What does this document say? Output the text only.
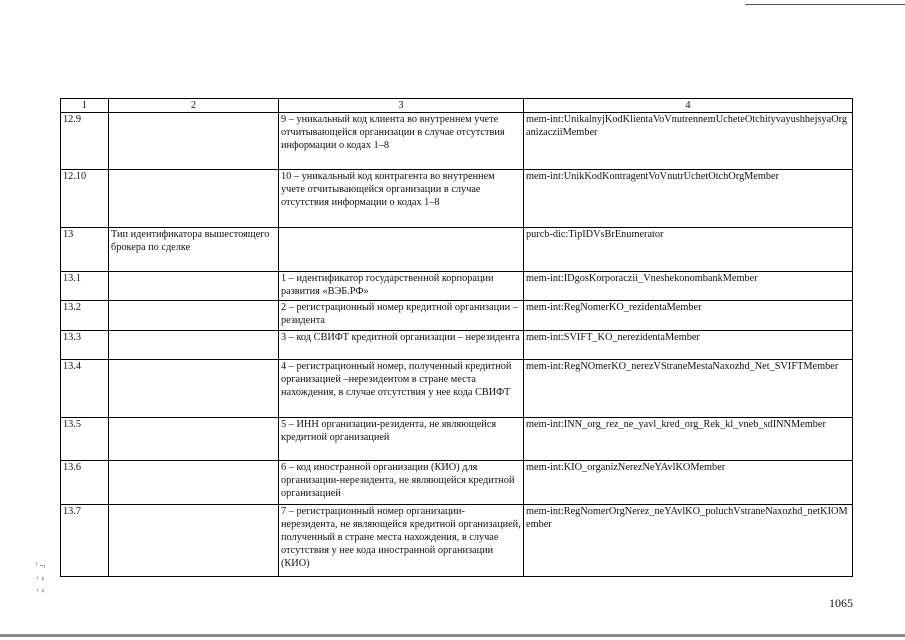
1	2	3	4
12.9		9 – уникальный код клиента во внутреннем учете отчитывающейся организации в случае отсутствия информации о кодах 1–8	mem-int:UnikalnyjKodKlientaVoVnutrennemUcheteOtchityvayushhejsyaOrganizacziiMember
12.10		10 – уникальный код контрагента во внутреннем учете отчитывающейся организации в случае отсутствия информации о кодах 1–8	mem-int:UnikKodKontragentVoVnutrUchetOtchOrgMember
13	Тип идентификатора вышестоящего брокера по сделке		purcb-dic:TipIDVsBrEnumerator
13.1		1 – идентификатор государственной корпорации развития «ВЭБ.РФ»	mem-int:IDgosKorporaczii_VneshekonombankMember
13.2		2 – регистрационный номер кредитной организации – резидента	mem-int:RegNomerKO_rezidentaMember
13.3		3 – код СВИФТ кредитной организации – нерезидента	mem-int:SVIFT_KO_nerezidentaMember
13.4		4 – регистрационный номер, полученный кредитной организацией –нерезидентом в стране места нахождения, в случае отсутствия у нее кода СВИФТ	mem-int:RegNOmerKO_nerezVStraneMestaNaxozhd_Net_SVIFTMember
13.5		5 – ИНН организации-резидента, не являющейся кредитной организацией	mem-int:INN_org_rez_ne_yavl_kred_org_Rek_kl_vneb_sdINNMember
13.6		6 – код иностранной организации (КИО) для организации-нерезидента, не являющейся кредитной организацией	mem-int:KIO_organizNerezNeYAvlKOMember
13.7		7 – регистрационный номер организации-нерезидента, не являющейся кредитной организацией, полученный в стране места нахождения, в случае отсутствия у нее кода иностранной организации (КИО)	mem-int:RegNomerOrgNerez_neYAvlKO_poluchVstraneNaxozhd_netKIOMember
' ¬
· ›
· ›
1065
